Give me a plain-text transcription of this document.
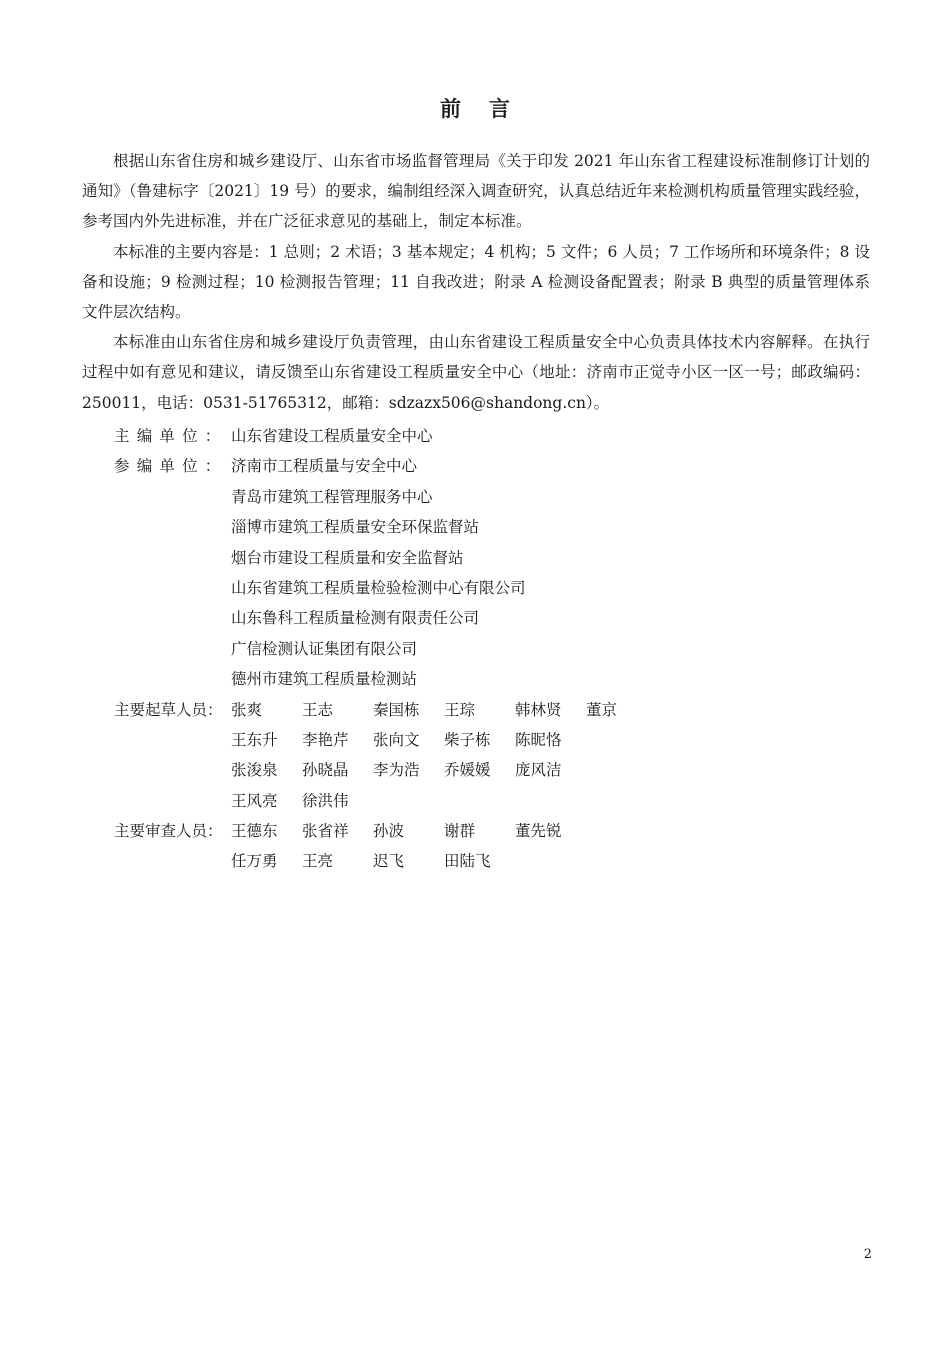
前言

根据山东省住房和城乡建设厅、山东省市场监督管理局《关于印发 2021 年山东省工程建设标准制修订计划的通知》（鲁建标字〔2021〕19 号）的要求，编制组经深入调查研究，认真总结近年来检测机构质量管理实践经验，参考国内外先进标准，并在广泛征求意见的基础上，制定本标准。

本标准的主要内容是：1 总则；2 术语；3 基本规定；4 机构；5 文件；6 人员；7 工作场所和环境条件；8 设备和设施；9 检测过程；10 检测报告管理；11 自我改进；附录 A 检测设备配置表；附录 B 典型的质量管理体系文件层次结构。

本标准由山东省住房和城乡建设厅负责管理，由山东省建设工程质量安全中心负责具体技术内容解释。在执行过程中如有意见和建议，请反馈至山东省建设工程质量安全中心（地址：济南市正觉寺小区一区一号；邮政编码：250011，电话：0531-51765312，邮箱：sdzazx506@shandong.cn）。

主编单位： 山东省建设工程质量安全中心
参编单位： 济南市工程质量与安全中心
青岛市建筑工程管理服务中心
淄博市建筑工程质量安全环保监督站
烟台市建设工程质量和安全监督站
山东省建筑工程质量检验检测中心有限公司
山东鲁科工程质量检测有限责任公司
广信检测认证集团有限公司
德州市建筑工程质量检测站
主要起草人员： 张爽	王志	秦国栋	王琮	韩林贤	董京
王东升	李艳芹	张向文	柴子栋	陈昵恪
张浚泉	孙晓晶	李为浩	乔媛媛	庞风洁
王风亮	徐洪伟
主要审查人员： 王德东	张省祥	孙波	谢群	董先锐
任万勇	王亮	迟飞	田陆飞
2
